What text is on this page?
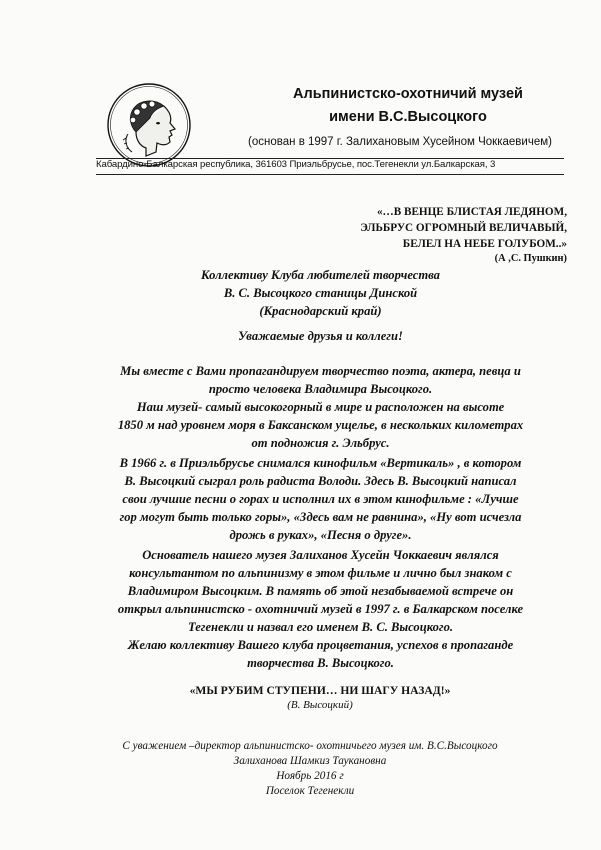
Альпинистско-охотничий музей
имени В.С.Высоцкого
(основан в 1997 г. Залихановым Хусейном Чоккаевичем)
Кабардино-Балкарская республика, 361603 Приэльбрусье, пос.Тегенекли ул.Балкарская, 3
«…В ВЕНЦЕ БЛИСТАЯ ЛЕДЯНОМ,
ЭЛЬБРУС ОГРОМНЫЙ ВЕЛИЧАВЫЙ,
БЕЛЕЛ НА НЕБЕ ГОЛУБОМ..»
(А ,С. Пушкин)
Коллективу Клуба любителей творчества
В. С. Высоцкого станицы Динской
(Краснодарский край)
Уважаемые друзья и коллеги!
Мы вместе с Вами пропагандируем творчество поэта, актера, певца и
просто человека Владимира Высоцкого.
Наш музей- самый высокогорный в мире и расположен на высоте
1850 м над уровнем моря в Баксанском ущелье, в нескольких километрах
от подножия г. Эльбрус.
В 1966 г. в Приэльбрусье снимался кинофильм «Вертикаль» , в котором
В. Высоцкий сыграл роль радиста Володи. Здесь В. Высоцкий написал
свои лучшие песни о горах и исполнил их в этом кинофильме : «Лучше
гор могут быть только горы», «Здесь вам не равнина», «Ну вот исчезла
дрожь в руках», «Песня о друге».
Основатель нашего музея Залиханов Хусейн Чоккаевич являлся
консультантом по альпинизму в этом фильме и лично был знаком с
Владимиром Высоцким. В память об этой незабываемой встрече он
открыл альпинистско - охотничий музей в 1997 г. в Балкарском поселке
Тегенекли и назвал его именем В. С. Высоцкого.
Желаю коллективу Вашего клуба процветания, успехов в пропаганде
творчества В. Высоцкого.
«МЫ РУБИМ СТУПЕНИ… НИ ШАГУ НАЗАД!»
(В. Высоцкий)
С уважением –директор альпинистско- охотничьего музея им. В.С.Высоцкого
Залиханова Шамкиз Таукановна
Ноябрь 2016 г
Поселок Тегенекли
